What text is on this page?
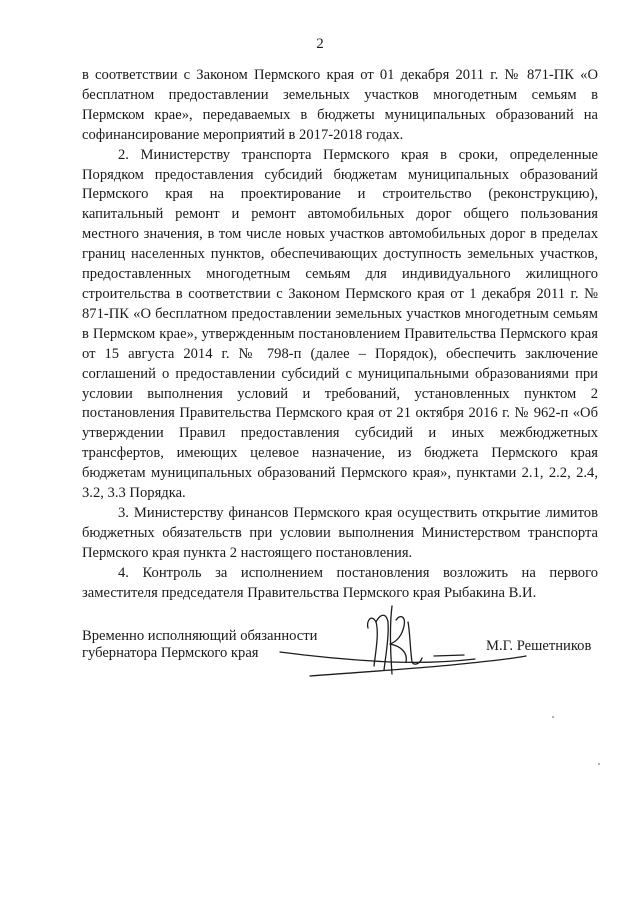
2

в соответствии с Законом Пермского края от 01 декабря 2011 г. № 871-ПК «О бесплатном предоставлении земельных участков многодетным семьям в Пермском крае», передаваемых в бюджеты муниципальных образований на софинансирование мероприятий в 2017-2018 годах.

2. Министерству транспорта Пермского края в сроки, определенные Порядком предоставления субсидий бюджетам муниципальных образований Пермского края на проектирование и строительство (реконструкцию), капитальный ремонт и ремонт автомобильных дорог общего пользования местного значения, в том числе новых участков автомобильных дорог в пределах границ населенных пунктов, обеспечивающих доступность земельных участков, предоставленных многодетным семьям для индивидуального жилищного строительства в соответствии с Законом Пермского края от 1 декабря 2011 г. № 871-ПК «О бесплатном предоставлении земельных участков многодетным семьям в Пермском крае», утвержденным постановлением Правительства Пермского края от 15 августа 2014 г. № 798-п (далее – Порядок), обеспечить заключение соглашений о предоставлении субсидий с муниципальными образованиями при условии выполнения условий и требований, установленных пунктом 2 постановления Правительства Пермского края от 21 октября 2016 г. № 962-п «Об утверждении Правил предоставления субсидий и иных межбюджетных трансфертов, имеющих целевое назначение, из бюджета Пермского края бюджетам муниципальных образований Пермского края», пунктами 2.1, 2.2, 2.4, 3.2, 3.3 Порядка.

3. Министерству финансов Пермского края осуществить открытие лимитов бюджетных обязательств при условии выполнения Министерством транспорта Пермского края пункта 2 настоящего постановления.

4. Контроль за исполнением постановления возложить на первого заместителя председателя Правительства Пермского края Рыбакина В.И.

Временно исполняющий обязанности
губернатора Пермского края	М.Г. Решетников
